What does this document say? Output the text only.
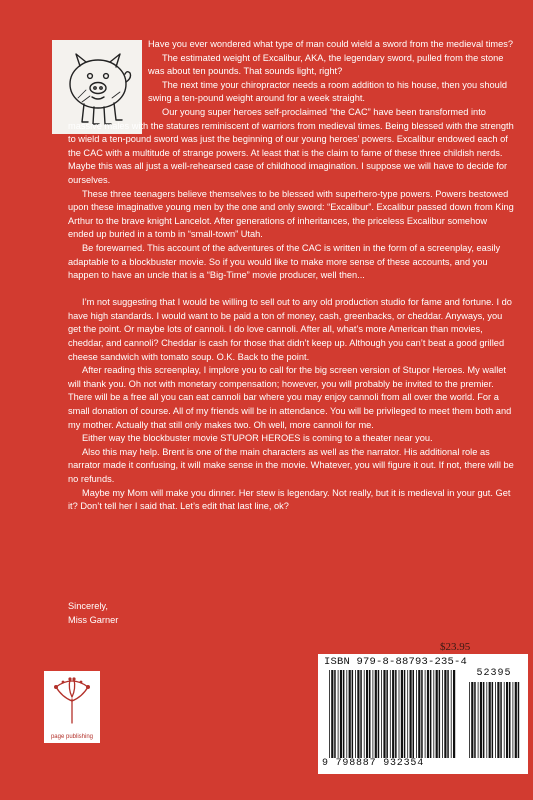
Have you ever wondered what type of man could wield a sword from the medieval times?

The estimated weight of Excalibur, AKA, the legendary sword, pulled from the stone was about ten pounds. That sounds light, right?

The next time your chiropractor needs a room addition to his house, then you should swing a ten-pound weight around for a week straight.

Our young super heroes self-proclaimed “the CAC” have been transformed into massive males with the statures reminiscent of warriors from medieval times. Being blessed with the strength to wield a ten-pound sword was just the beginning of our young heroes’ powers. Excalibur endowed each of the CAC with a multitude of strange powers. At least that is the claim to fame of these three childish nerds. Maybe this was all just a well-rehearsed case of childhood imagination. I suppose we will have to decide for ourselves.

These three teenagers believe themselves to be blessed with superhero-type powers. Powers bestowed upon these imaginative young men by the one and only sword: “Excalibur”. Excalibur passed down from King Arthur to the brave knight Lancelot. After generations of inheritances, the priceless Excalibur somehow ended up buried in a tomb in “small-town” Utah.

Be forewarned. This account of the adventures of the CAC is written in the form of a screenplay, easily adaptable to a blockbuster movie. So if you would like to make more sense of these accounts, and you happen to have an uncle that is a “Big-Time” movie producer, well then...

I’m not suggesting that I would be willing to sell out to any old production studio for fame and fortune. I do have high standards. I would want to be paid a ton of money, cash, greenbacks, or cheddar. Anyways, you get the point. Or maybe lots of cannoli. I do love cannoli. After all, what’s more American than movies, cheddar, and cannoli? Cheddar is cash for those that didn’t keep up. Although you can’t beat a good grilled cheese sandwich with tomato soup. O.K. Back to the point.

After reading this screenplay, I implore you to call for the big screen version of Stupor Heroes. My wallet will thank you. Oh not with monetary compensation; however, you will probably be invited to the premier. There will be a free all you can eat cannoli bar where you may enjoy cannoli from all over the world. For a small donation of course. All of my friends will be in attendance. You will be privileged to meet them both and my mother. Actually that still only makes two. Oh well, more cannoli for me.

Either way the blockbuster movie STUPOR HEROES is coming to a theater near you.

Also this may help. Brent is one of the main characters as well as the narrator. His additional role as narrator made it confusing, it will make sense in the movie. Whatever, you will figure it out. If not, there will be no refunds.

Maybe my Mom will make you dinner. Her stew is legendary. Not really, but it is medieval in your gut. Get it? Don’t tell her I said that. Let’s edit that last line, ok?

Sincerely,
Miss Garner
page publishing
$23.95
ISBN 979-8-88793-235-4
52395
9 798887 932354
